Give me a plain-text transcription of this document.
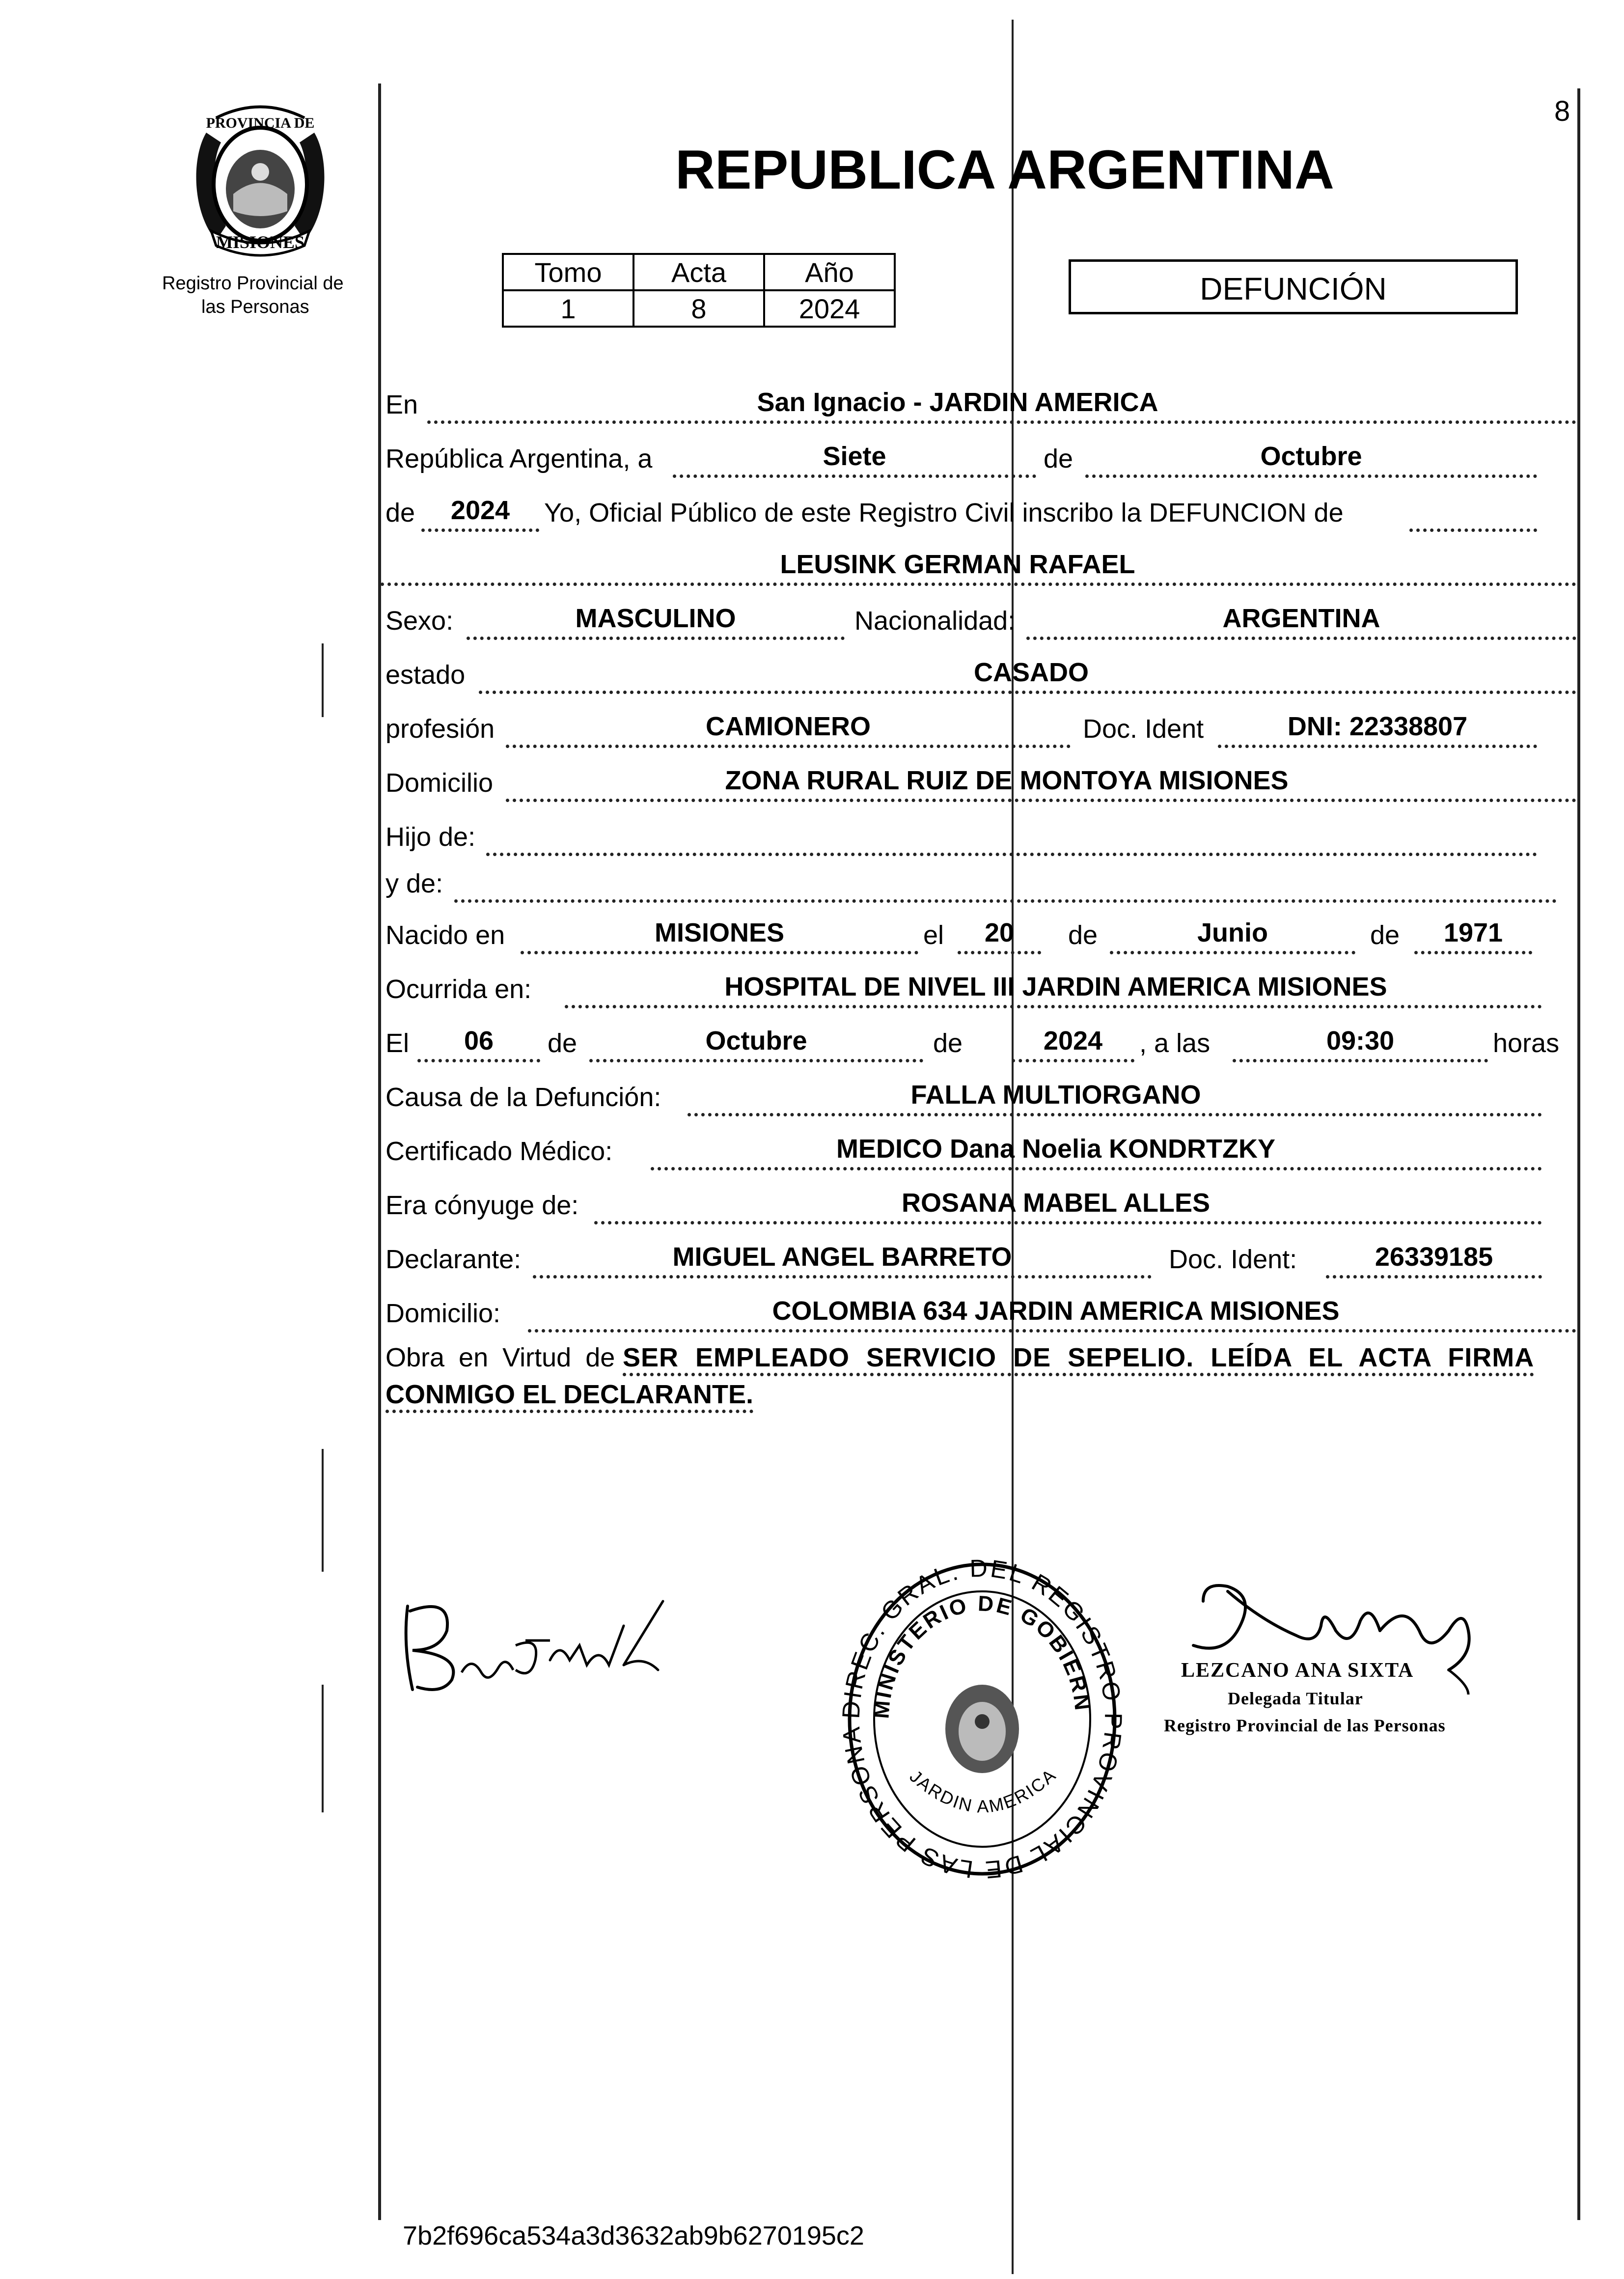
8
PROVINCIA DE
MISIONES
Registro Provincial de
las Personas
REPUBLICA ARGENTINA
Tomo	Acta	Año
1	8	2024
DEFUNCIÓN
En	San Ignacio - JARDIN AMERICA
República Argentina, a	Siete	de	Octubre
de	2024	Yo, Oficial Público de este Registro Civil inscribo la DEFUNCION de
LEUSINK GERMAN RAFAEL
Sexo:	MASCULINO	Nacionalidad:	ARGENTINA
estado	CASADO
profesión	CAMIONERO	Doc. Ident	DNI: 22338807
Domicilio	ZONA RURAL RUIZ DE MONTOYA MISIONES
Hijo de:
y de:
Nacido en	MISIONES	el	20	de	Junio	de	1971
Ocurrida en:	HOSPITAL DE NIVEL III JARDIN AMERICA MISIONES
El	06	de	Octubre	de	2024	, a las	09:30	horas
Causa de la Defunción:	FALLA MULTIORGANO
Certificado Médico:	MEDICO Dana Noelia KONDRTZKY
Era cónyuge de:	ROSANA MABEL ALLES
Declarante:	MIGUEL ANGEL BARRETO	Doc. Ident:	26339185
Domicilio:	COLOMBIA 634 JARDIN AMERICA MISIONES
Obra en Virtud de SER EMPLEADO SERVICIO DE SEPELIO. LEÍDA EL ACTA FIRMA
CONMIGO EL DECLARANTE.
DIREC. GRAL. DEL REGISTRO PROVINCIAL DE LAS PERSONA
MINISTERIO DE GOBIERN
JARDIN AMERICA
LEZCANO ANA SIXTA
Delegada Titular
Registro Provincial de las Personas
7b2f696ca534a3d3632ab9b6270195c2
